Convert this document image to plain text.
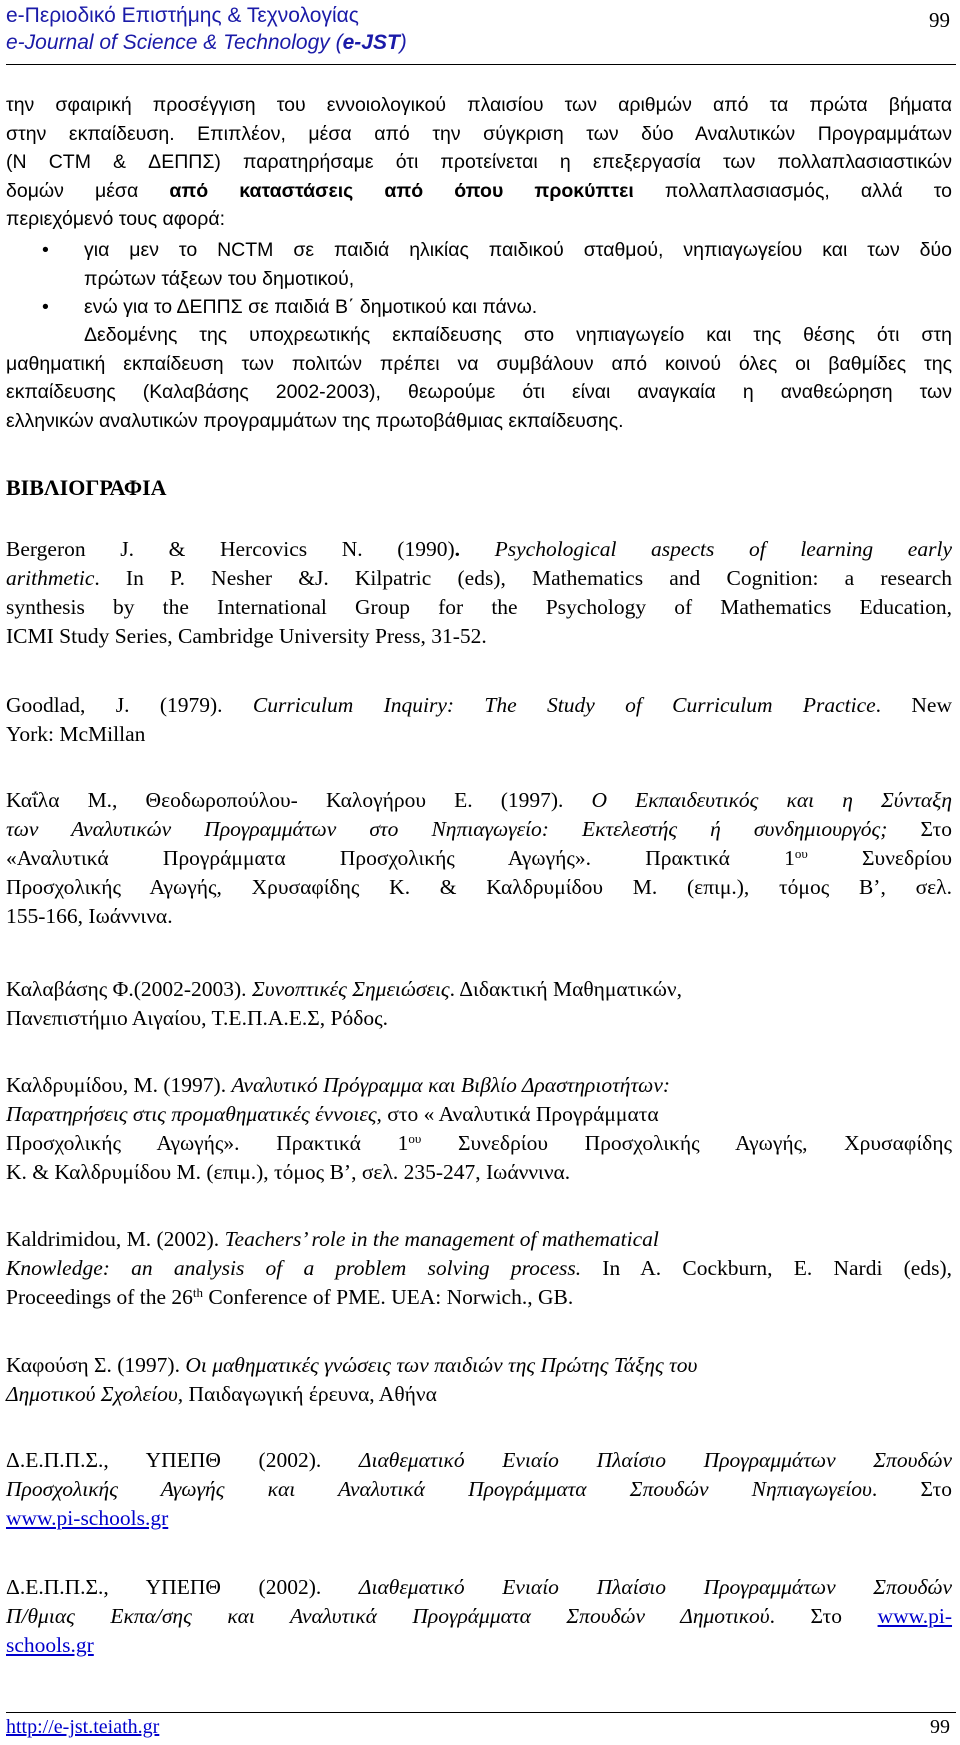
e-Περιοδικό Επιστήμης & Τεχνολογίας
e-Journal of Science & Technology (e-JST)
99
την σφαιρική προσέγγιση του εννοιολογικού πλαισίου των αριθμών από τα πρώτα βήματα
στην εκπαίδευση. Επιπλέον, μέσα από την σύγκριση των δύο Αναλυτικών Προγραμμάτων
(N CTM & ΔΕΠΠΣ) παρατηρήσαμε ότι προτείνεται η επεξεργασία των πολλαπλασιαστικών
δομών μέσα από καταστάσεις από όπου προκύπτει πολλαπλασιασμός, αλλά το
περιεχόμενό τους αφορά:
• για μεν το NCTM σε παιδιά ηλικίας παιδικού σταθμού, νηπιαγωγείου και των δύο
πρώτων τάξεων του δημοτικού,
• ενώ για το ΔΕΠΠΣ σε παιδιά Β΄ δημοτικού και πάνω.
Δεδομένης της υποχρεωτικής εκπαίδευσης στο νηπιαγωγείο και της θέσης ότι στη
μαθηματική εκπαίδευση των πολιτών πρέπει να συμβάλουν από κοινού όλες οι βαθμίδες της
εκπαίδευσης (Καλαβάσης 2002-2003), θεωρούμε ότι είναι αναγκαία η αναθεώρηση των
ελληνικών αναλυτικών προγραμμάτων της πρωτοβάθμιας εκπαίδευσης.
ΒΙΒΛΙΟΓΡΑΦΙΑ
Bergeron J. & Hercovics N. (1990). Psychological aspects of learning early
arithmetic. In P. Nesher &J. Kilpatric (eds), Mathematics and Cognition: a research
synthesis by the International Group for the Psychology of Mathematics Education,
ICMI Study Series, Cambridge University Press, 31-52.
Goodlad, J. (1979). Curriculum Inquiry: The Study of Curriculum Practice. New
York: McMillan
Καΐλα Μ., Θεοδωροπούλου- Καλογήρου Ε. (1997). Ο Εκπαιδευτικός και η Σύνταξη
των Αναλυτικών Προγραμμάτων στο Νηπιαγωγείο: Εκτελεστής ή συνδημιουργός; Στο
«Αναλυτικά Προγράμματα Προσχολικής Αγωγής». Πρακτικά $1^{o\upsilon}$ Συνεδρίου
Προσχολικής Αγωγής, Χρυσαφίδης Κ. & Καλδρυμίδου Μ. (επιμ.), τόμος Β’, σελ.
155-166, Ιωάννινα.
Καλαβάσης Φ.(2002-2003). Συνοπτικές Σημειώσεις. Διδακτική Μαθηματικών,
Πανεπιστήμιο Αιγαίου, Τ.Ε.Π.Α.Ε.Σ, Ρόδος.
Καλδρυμίδου, Μ. (1997). Αναλυτικό Πρόγραμμα και Βιβλίο Δραστηριοτήτων:
Παρατηρήσεις στις προμαθηματικές έννοιες, στο « Αναλυτικά Προγράμματα
Προσχολικής Αγωγής». Πρακτικά $1^{o\upsilon}$ Συνεδρίου Προσχολικής Αγωγής, Χρυσαφίδης
Κ. & Καλδρυμίδου Μ. (επιμ.), τόμος Β’, σελ. 235-247, Ιωάννινα.
Kaldrimidou, M. (2002). Teachers’ role in the management of mathematical
Knowledge: an analysis of a problem solving process. In A. Cockburn, E. Nardi (eds),
Proceedings of the 26th Conference of PME. UEA: Norwich., GB.
Καφούση Σ. (1997). Οι μαθηματικές γνώσεις των παιδιών της Πρώτης Τάξης του
Δημοτικού Σχολείου, Παιδαγωγική έρευνα, Αθήνα
Δ.Ε.Π.Π.Σ., ΥΠΕΠΘ (2002). Διαθεματικό Ενιαίο Πλαίσιο Προγραμμάτων Σπουδών
Προσχολικής Αγωγής και Αναλυτικά Προγράμματα Σπουδών Νηπιαγωγείου. Στο
www.pi-schools.gr
Δ.Ε.Π.Π.Σ., ΥΠΕΠΘ (2002). Διαθεματικό Ενιαίο Πλαίσιο Προγραμμάτων Σπουδών
Π/θμιας Εκπα/σης και Αναλυτικά Προγράμματα Σπουδών Δημοτικού. Στο www.pi-
schools.gr
http://e-jst.teiath.gr	99
